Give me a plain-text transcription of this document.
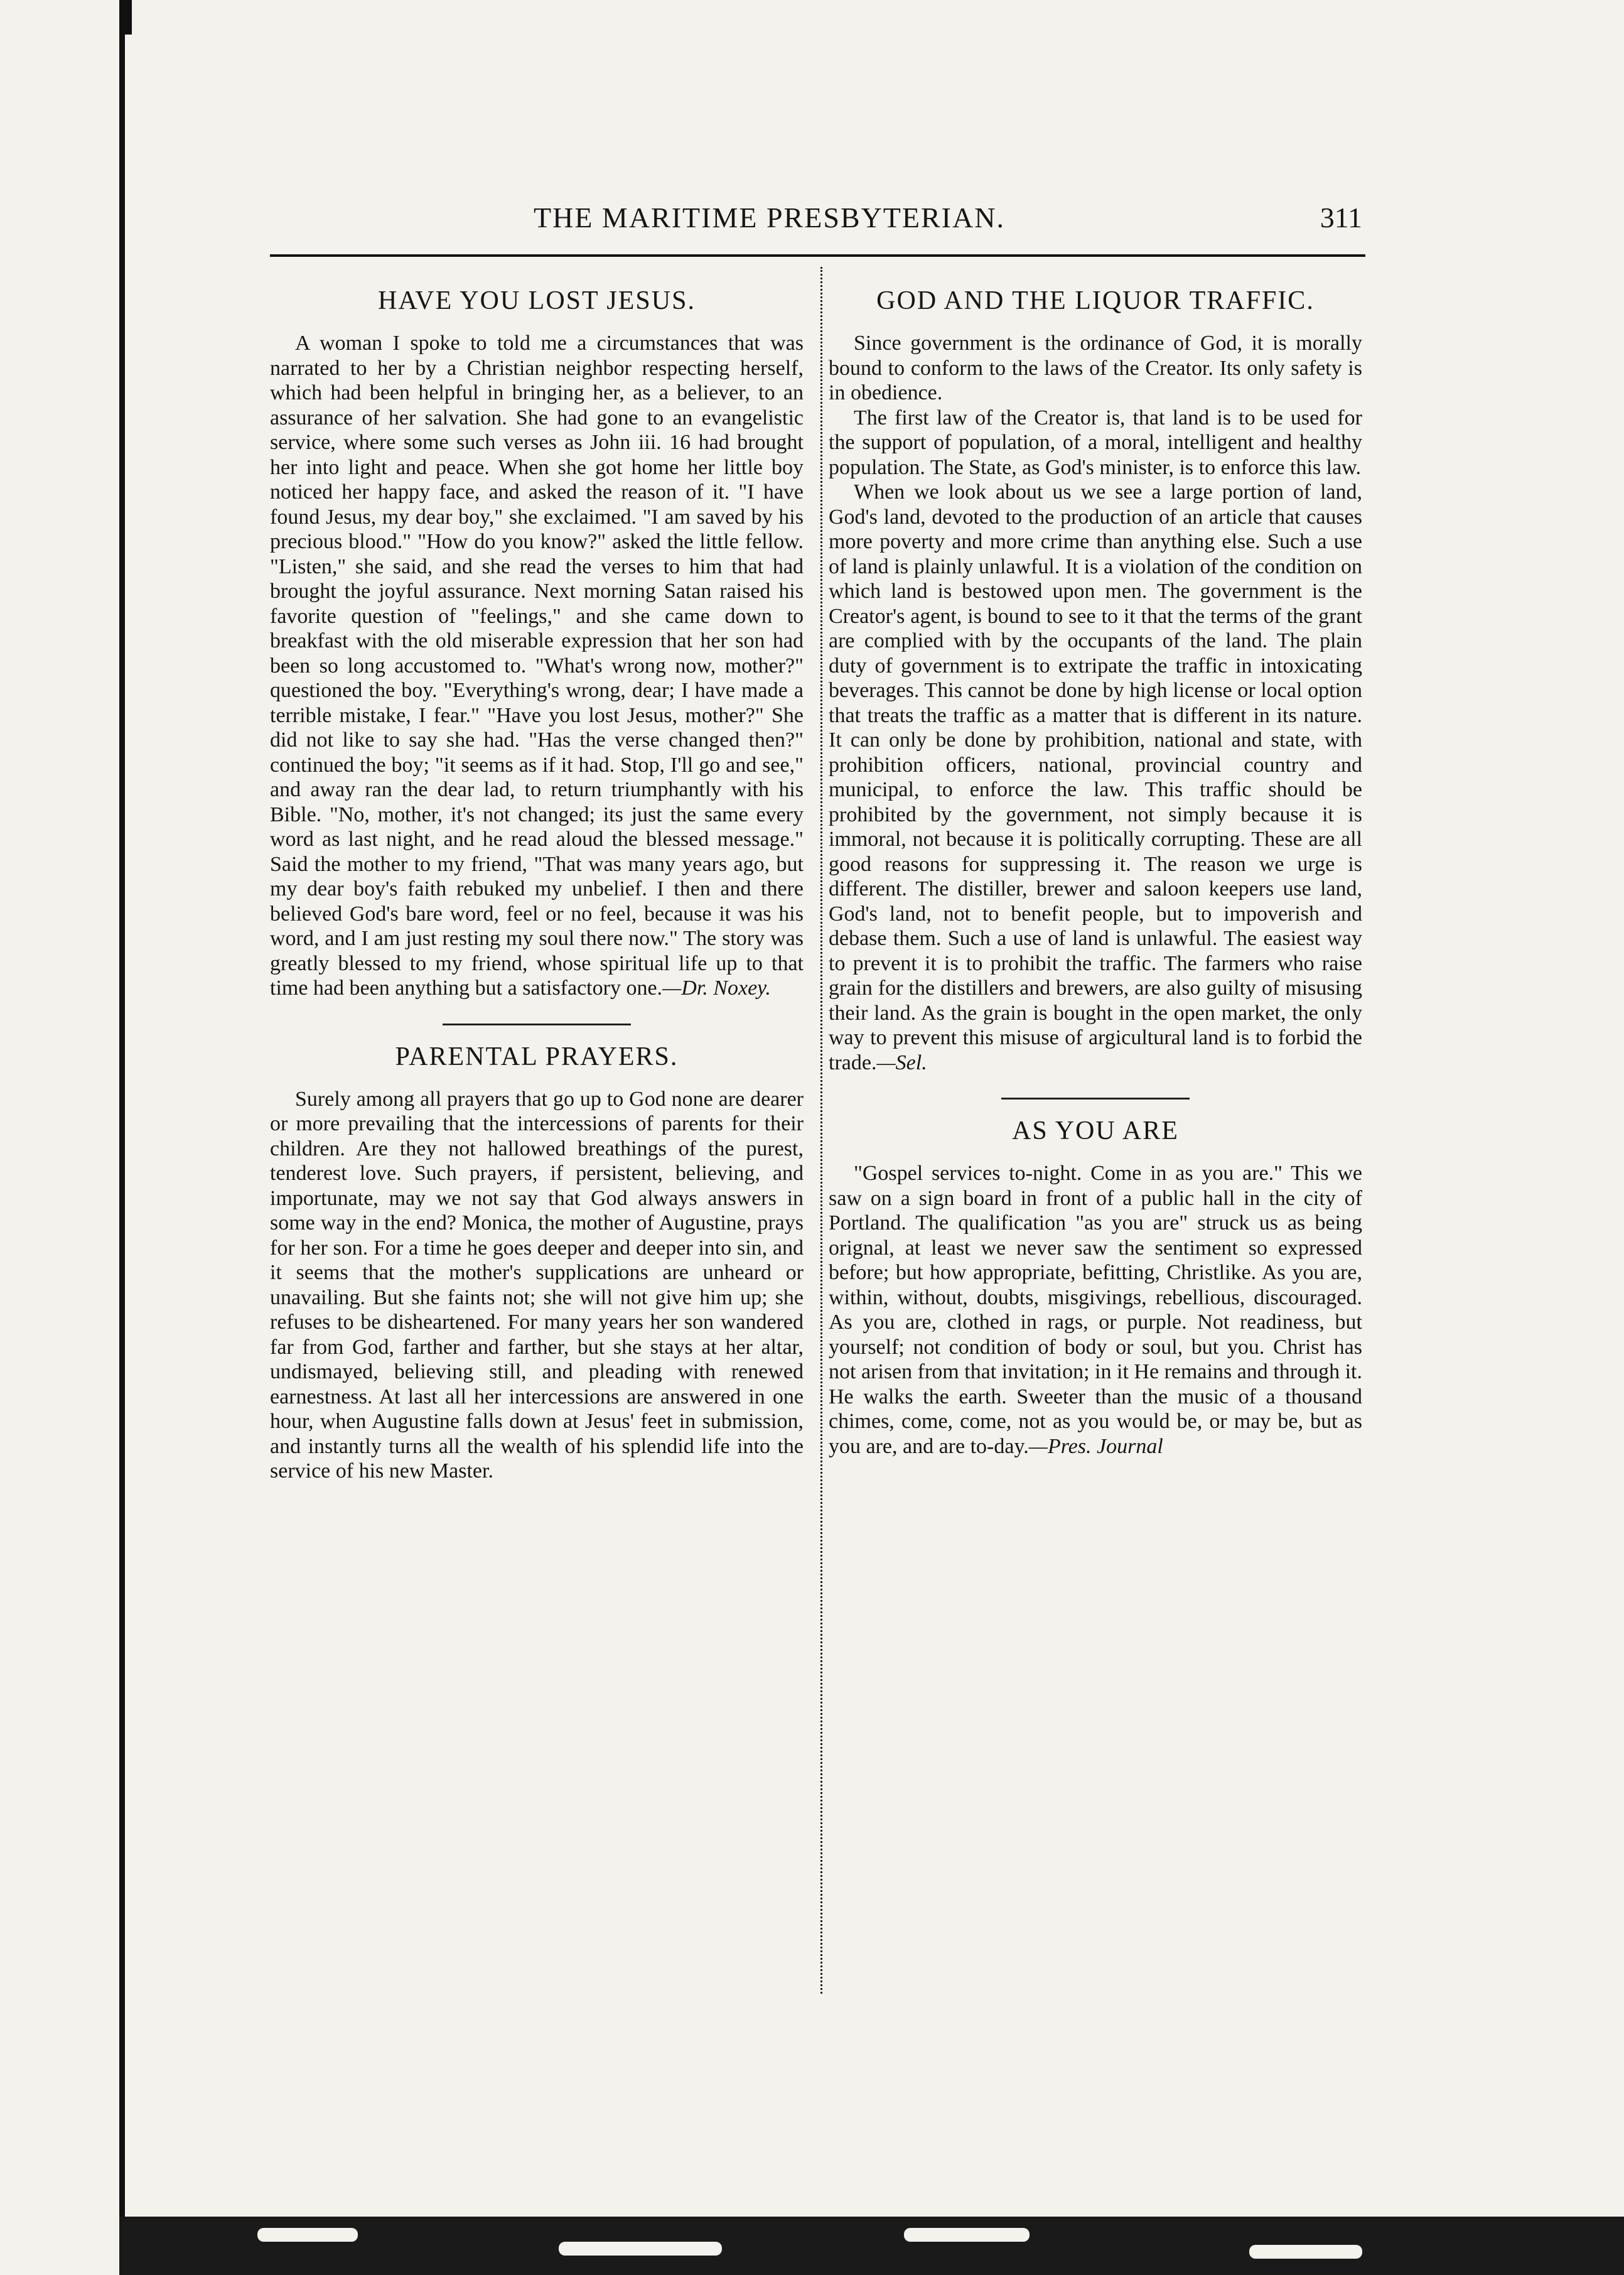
THE MARITIME PRESBYTERIAN.	311
HAVE YOU LOST JESUS.

A woman I spoke to told me a circumstances that was narrated to her by a Christian neighbor respecting herself, which had been helpful in bringing her, as a believer, to an assurance of her salvation. She had gone to an evangelistic service, where some such verses as John iii. 16 had brought her into light and peace. When she got home her little boy noticed her happy face, and asked the reason of it. "I have found Jesus, my dear boy," she exclaimed. "I am saved by his precious blood." "How do you know?" asked the little fellow. "Listen," she said, and she read the verses to him that had brought the joyful assurance. Next morning Satan raised his favorite question of "feelings," and she came down to breakfast with the old miserable expression that her son had been so long accustomed to. "What's wrong now, mother?" questioned the boy. "Everything's wrong, dear; I have made a terrible mistake, I fear." "Have you lost Jesus, mother?" She did not like to say she had. "Has the verse changed then?" continued the boy; "it seems as if it had. Stop, I'll go and see," and away ran the dear lad, to return triumphantly with his Bible. "No, mother, it's not changed; its just the same every word as last night, and he read aloud the blessed message." Said the mother to my friend, "That was many years ago, but my dear boy's faith rebuked my unbelief. I then and there believed God's bare word, feel or no feel, because it was his word, and I am just resting my soul there now." The story was greatly blessed to my friend, whose spiritual life up to that time had been anything but a satisfactory one.—Dr. Noxey.

PARENTAL PRAYERS.

Surely among all prayers that go up to God none are dearer or more prevailing that the intercessions of parents for their children. Are they not hallowed breathings of the purest, tenderest love. Such prayers, if persistent, believing, and importunate, may we not say that God always answers in some way in the end? Monica, the mother of Augustine, prays for her son. For a time he goes deeper and deeper into sin, and it seems that the mother's supplications are unheard or unavailing. But she faints not; she will not give him up; she refuses to be disheartened. For many years her son wandered far from God, farther and farther, but she stays at her altar, undismayed, believing still, and pleading with renewed earnestness. At last all her intercessions are answered in one hour, when Augustine falls down at Jesus' feet in submission, and instantly turns all the wealth of his splendid life into the service of his new Master.

GOD AND THE LIQUOR TRAFFIC.

Since government is the ordinance of God, it is morally bound to conform to the laws of the Creator. Its only safety is in obedience.

The first law of the Creator is, that land is to be used for the support of population, of a moral, intelligent and healthy population. The State, as God's minister, is to enforce this law.

When we look about us we see a large portion of land, God's land, devoted to the production of an article that causes more poverty and more crime than anything else. Such a use of land is plainly unlawful. It is a violation of the condition on which land is bestowed upon men. The government is the Creator's agent, is bound to see to it that the terms of the grant are complied with by the occupants of the land. The plain duty of government is to extripate the traffic in intoxicating beverages. This cannot be done by high license or local option that treats the traffic as a matter that is different in its nature. It can only be done by prohibition, national and state, with prohibition officers, national, provincial country and municipal, to enforce the law. This traffic should be prohibited by the government, not simply because it is immoral, not because it is politically corrupting. These are all good reasons for suppressing it. The reason we urge is different. The distiller, brewer and saloon keepers use land, God's land, not to benefit people, but to impoverish and debase them. Such a use of land is unlawful. The easiest way to prevent it is to prohibit the traffic. The farmers who raise grain for the distillers and brewers, are also guilty of misusing their land. As the grain is bought in the open market, the only way to prevent this misuse of argicultural land is to forbid the trade.—Sel.

AS YOU ARE

"Gospel services to-night. Come in as you are." This we saw on a sign board in front of a public hall in the city of Portland. The qualification "as you are" struck us as being orignal, at least we never saw the sentiment so expressed before; but how appropriate, befitting, Christlike. As you are, within, without, doubts, misgivings, rebellious, discouraged. As you are, clothed in rags, or purple. Not readiness, but yourself; not condition of body or soul, but you. Christ has not arisen from that invitation; in it He remains and through it. He walks the earth. Sweeter than the music of a thousand chimes, come, come, not as you would be, or may be, but as you are, and are to-day.—Pres. Journal
